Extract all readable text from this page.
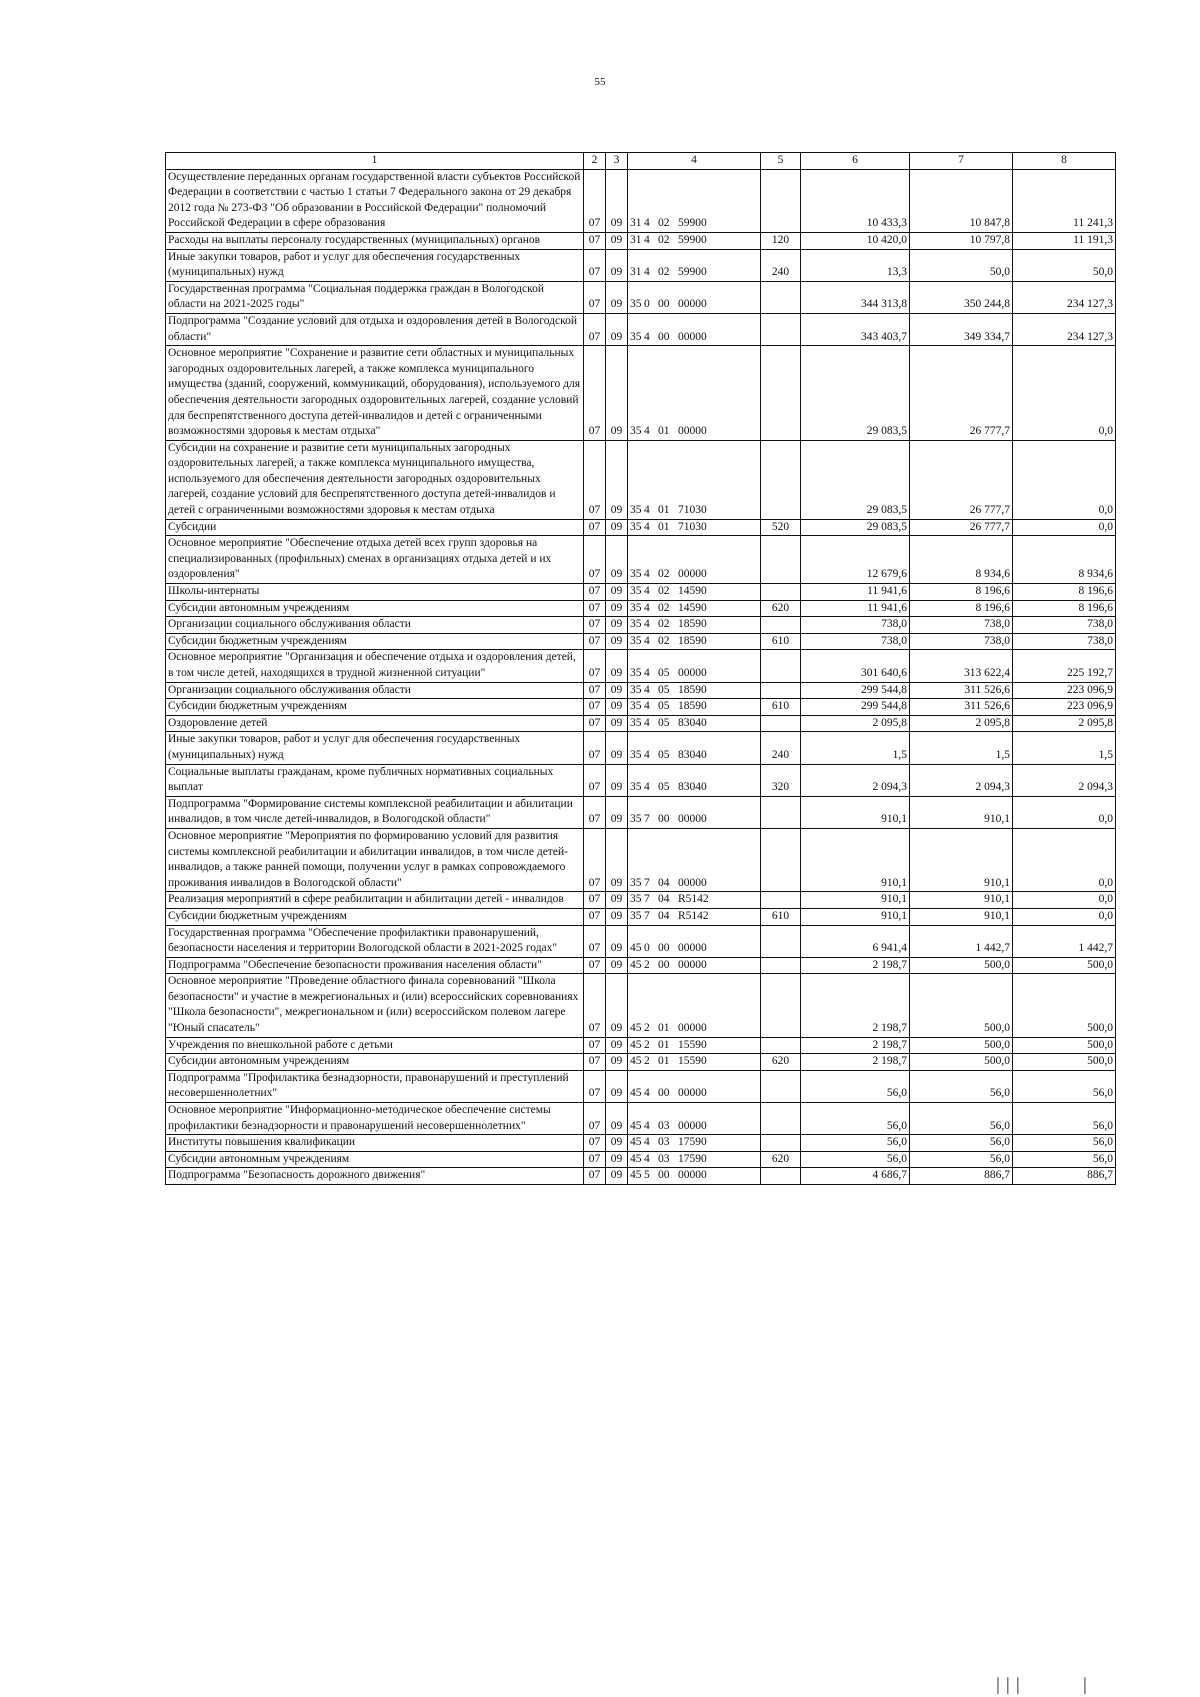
55
1	2	3	4	5	6	7	8
Осуществление переданных органам государственной власти субъектов Российской Федерации в соответствии с частью 1 статьи 7 Федерального закона от 29 декабря 2012 года № 273-ФЗ "Об образовании в Российской Федерации" полномочий Российской Федерации в сфере образования	07	09	31 4 02 59900		10 433,3	10 847,8	11 241,3
Расходы на выплаты персоналу государственных (муниципальных) органов	07	09	31 4 02 59900	120	10 420,0	10 797,8	11 191,3
Иные закупки товаров, работ и услуг для обеспечения государственных (муниципальных) нужд	07	09	31 4 02 59900	240	13,3	50,0	50,0
Государственная программа "Социальная поддержка граждан в Вологодской области на 2021-2025 годы"	07	09	35 0 00 00000		344 313,8	350 244,8	234 127,3
Подпрограмма "Создание условий для отдыха и оздоровления детей в Вологодской области"	07	09	35 4 00 00000		343 403,7	349 334,7	234 127,3
Основное мероприятие "Сохранение и развитие сети областных и муниципальных загородных оздоровительных лагерей, а также комплекса муниципального имущества (зданий, сооружений, коммуникаций, оборудования), используемого для обеспечения деятельности загородных оздоровительных лагерей, создание условий для беспрепятственного доступа детей-инвалидов и детей с ограниченными возможностями здоровья к местам отдыха"	07	09	35 4 01 00000		29 083,5	26 777,7	0,0
Субсидии на сохранение и развитие сети муниципальных загородных оздоровительных лагерей, а также комплекса муниципального имущества, используемого для обеспечения деятельности загородных оздоровительных лагерей, создание условий для беспрепятственного доступа детей-инвалидов и детей с ограниченными возможностями здоровья к местам отдыха	07	09	35 4 01 71030		29 083,5	26 777,7	0,0
Субсидии	07	09	35 4 01 71030	520	29 083,5	26 777,7	0,0
Основное мероприятие "Обеспечение отдыха детей всех групп здоровья на специализированных (профильных) сменах в организациях отдыха детей и их оздоровления"	07	09	35 4 02 00000		12 679,6	8 934,6	8 934,6
Школы-интернаты	07	09	35 4 02 14590		11 941,6	8 196,6	8 196,6
Субсидии автономным учреждениям	07	09	35 4 02 14590	620	11 941,6	8 196,6	8 196,6
Организации социального обслуживания области	07	09	35 4 02 18590		738,0	738,0	738,0
Субсидии бюджетным учреждениям	07	09	35 4 02 18590	610	738,0	738,0	738,0
Основное мероприятие "Организация и обеспечение отдыха и оздоровления детей, в том числе детей, находящихся в трудной жизненной ситуации"	07	09	35 4 05 00000		301 640,6	313 622,4	225 192,7
Организации социального обслуживания области	07	09	35 4 05 18590		299 544,8	311 526,6	223 096,9
Субсидии бюджетным учреждениям	07	09	35 4 05 18590	610	299 544,8	311 526,6	223 096,9
Оздоровление детей	07	09	35 4 05 83040		2 095,8	2 095,8	2 095,8
Иные закупки товаров, работ и услуг для обеспечения государственных (муниципальных) нужд	07	09	35 4 05 83040	240	1,5	1,5	1,5
Социальные выплаты гражданам, кроме публичных нормативных социальных выплат	07	09	35 4 05 83040	320	2 094,3	2 094,3	2 094,3
Подпрограмма "Формирование системы комплексной реабилитации и абилитации инвалидов, в том числе детей-инвалидов, в Вологодской области"	07	09	35 7 00 00000		910,1	910,1	0,0
Основное мероприятие "Мероприятия по формированию условий для развития системы комплексной реабилитации и абилитации инвалидов, в том числе детей-инвалидов, а также ранней помощи, получении услуг в рамках сопровождаемого проживания инвалидов в Вологодской области"	07	09	35 7 04 00000		910,1	910,1	0,0
Реализация мероприятий в сфере реабилитации и абилитации детей - инвалидов	07	09	35 7 04 R5142		910,1	910,1	0,0
Субсидии бюджетным учреждениям	07	09	35 7 04 R5142	610	910,1	910,1	0,0
Государственная программа "Обеспечение профилактики правонарушений, безопасности населения и территории Вологодской области в 2021-2025 годах"	07	09	45 0 00 00000		6 941,4	1 442,7	1 442,7
Подпрограмма "Обеспечение безопасности проживания населения области"	07	09	45 2 00 00000		2 198,7	500,0	500,0
Основное мероприятие "Проведение областного финала соревнований "Школа безопасности" и участие в межрегиональных и (или) всероссийских соревнованиях "Школа безопасности", межрегиональном и (или) всероссийском полевом лагере "Юный спасатель"	07	09	45 2 01 00000		2 198,7	500,0	500,0
Учреждения по внешкольной работе с детьми	07	09	45 2 01 15590		2 198,7	500,0	500,0
Субсидии автономным учреждениям	07	09	45 2 01 15590	620	2 198,7	500,0	500,0
Подпрограмма "Профилактика безнадзорности, правонарушений и преступлений несовершеннолетних"	07	09	45 4 00 00000		56,0	56,0	56,0
Основное мероприятие "Информационно-методическое обеспечение системы профилактики безнадзорности и правонарушений несовершеннолетних"	07	09	45 4 03 00000		56,0	56,0	56,0
Институты повышения квалификации	07	09	45 4 03 17590		56,0	56,0	56,0
Субсидии автономным учреждениям	07	09	45 4 03 17590	620	56,0	56,0	56,0
Подпрограмма "Безопасность дорожного движения"	07	09	45 5 00 00000		4 686,7	886,7	886,7
│││	│
